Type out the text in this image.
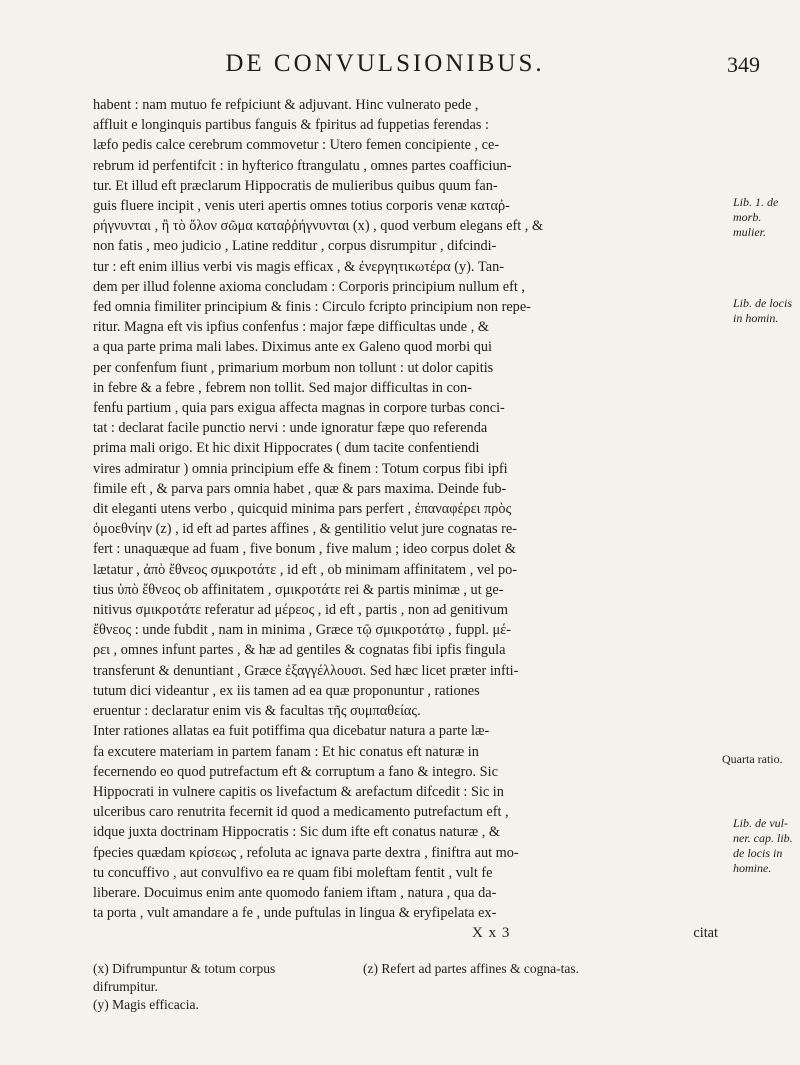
DE CONVULSIONIBUS.	349
habent : nam mutuo fe refpiciunt & adjuvant. Hinc vulnerato pede ,
affluit e longinquis partibus fanguis & fpiritus ad fuppetias ferendas :
læfo pedis calce cerebrum commovetur : Utero femen concipiente , ce-
rebrum id perfentifcit : in hyfterico ftrangulatu , omnes partes coafficiun-
tur. Et illud eft præclarum Hippocratis de mulieribus quibus quum fan-
guis fluere incipit , venis uteri apertis omnes totius corporis venæ καταῤ-
ρήγνυνται , ἢ τὸ ὅλον σῶμα καταῤῥήγνυνται (x) , quod verbum elegans eft , &
non fatis , meo judicio , Latine redditur , corpus disrumpitur , difcindi-
tur : eft enim illius verbi vis magis efficax , & ἐνεργητικωτέρα (y). Tan-
dem per illud folenne axioma concludam : Corporis principium nullum eft ,
fed omnia fimiliter principium & finis : Circulo fcripto principium non repe-
ritur. Magna eft vis ipfius confenfus : major fæpe difficultas unde , &
a qua parte prima mali labes. Diximus ante ex Galeno quod morbi qui
per confenfum fiunt , primarium morbum non tollunt : ut dolor capitis
in febre & a febre , febrem non tollit. Sed major difficultas in con-
fenfu partium , quia pars exigua affecta magnas in corpore turbas conci-
tat : declarat facile punctio nervi : unde ignoratur fæpe quo referenda
prima mali origo. Et hic dixit Hippocrates ( dum tacite confentiendi
vires admiratur ) omnia principium effe & finem : Totum corpus fibi ipfi
fimile eft , & parva pars omnia habet , quæ & pars maxima. Deinde fub-
dit eleganti utens verbo , quicquid minima pars perfert , ἐπαναφέρει πρὸς
ὁμοεθνίην (z) , id eft ad partes affines , & gentilitio velut jure cognatas re-
fert : unaquæque ad fuam , five bonum , five malum ; ideo corpus dolet &
lætatur , ἀπὸ ἔθνεος σμικροτάτε , id eft , ob minimam affinitatem , vel po-
tius ὑπὸ ἔθνεος ob affinitatem , σμικροτάτε rei & partis minimæ , ut ge-
nitivus σμικροτάτε referatur ad μέρεος , id eft , partis , non ad genitivum
ἔθνεος : unde fubdit , nam in minima , Græce τῷ σμικροτάτῳ , fuppl. μέ-
ρει , omnes infunt partes , & hæ ad gentiles & cognatas fibi ipfis fingula
transferunt & denuntiant , Græce ἐξαγγέλλουσι. Sed hæc licet præter infti-
tutum dici videantur , ex iis tamen ad ea quæ proponuntur , rationes
eruentur : declaratur enim vis & facultas τῆς συμπαθείας.
Inter rationes allatas ea fuit potiffima qua dicebatur natura a parte læ-
fa excutere materiam in partem fanam : Et hic conatus eft naturæ in
fecernendo eo quod putrefactum eft & corruptum a fano & integro. Sic
Hippocrati in vulnere capitis os livefactum & arefactum difcedit : Sic in
ulceribus caro renutrita fecernit id quod a medicamento putrefactum eft ,
idque juxta doctrinam Hippocratis : Sic dum ifte eft conatus naturæ , &
fpecies quædam κρίσεως , refoluta ac ignava parte dextra , finiftra aut mo-
tu concuffivo , aut convulfivo ea re quam fibi moleftam fentit , vult fe
liberare. Docuimus enim ante quomodo faniem iftam , natura , qua da-
ta porta , vult amandare a fe , unde puftulas in lingua & eryfipelata ex-
X x 3	citat
Lib. 1. de morb. mulier.
Lib. de locis in homin.
Quarta ratio.
Lib. de vul-ner. cap. lib. de locis in homine.
(x) Difrumpuntur & totum corpus difrumpitur.
(y) Magis efficacia.
(z) Refert ad partes affines & cogna-tas.
